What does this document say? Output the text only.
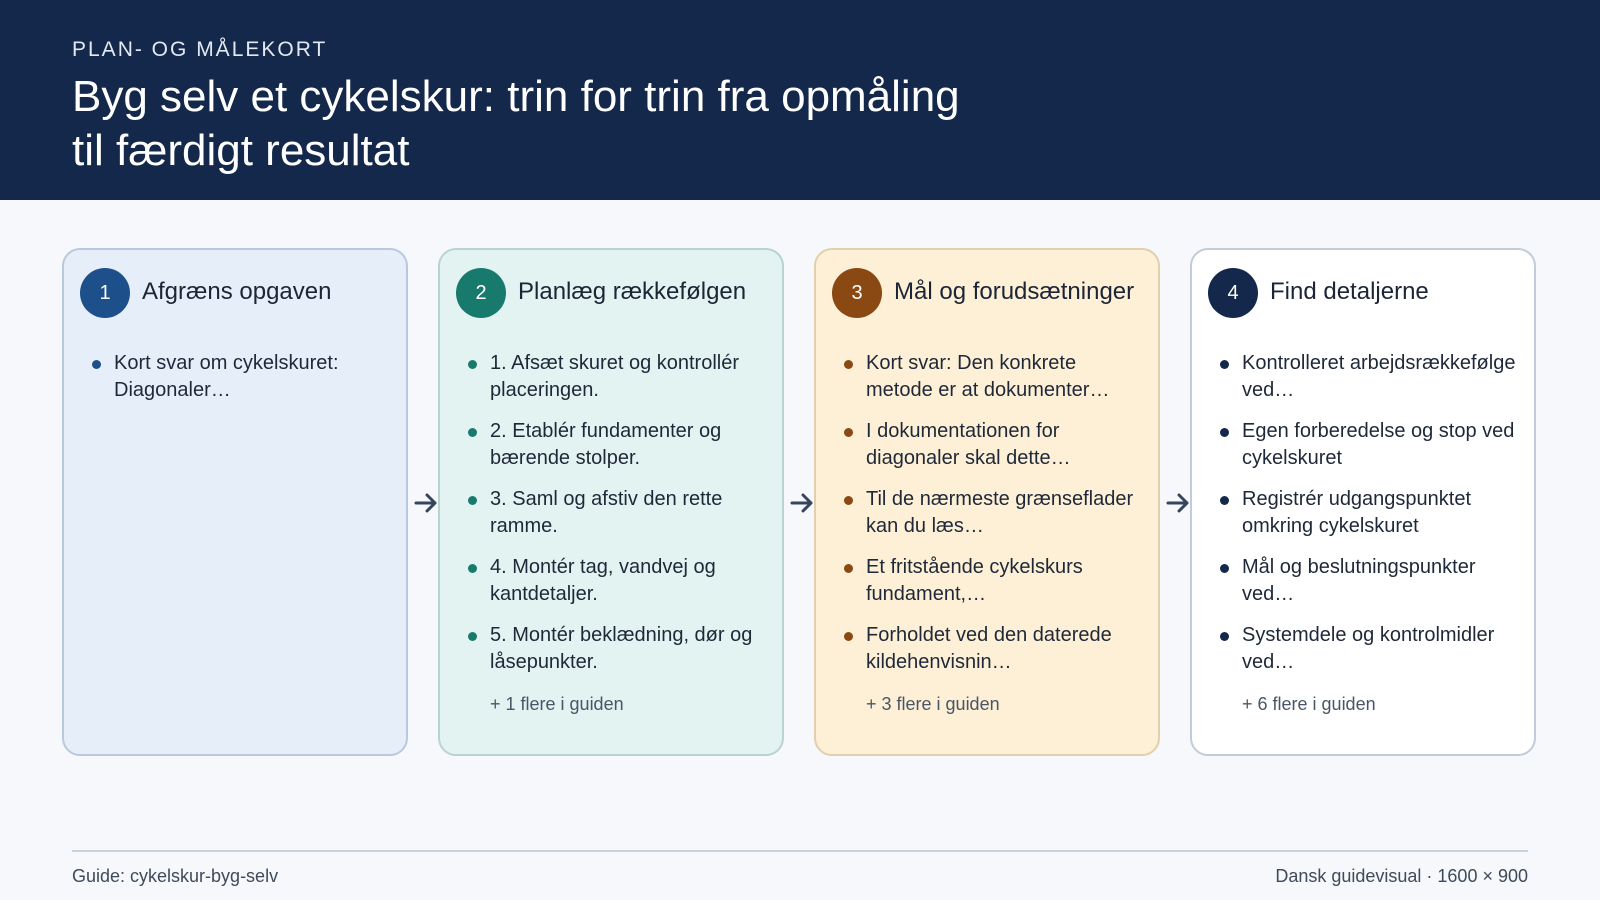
PLAN- OG MÅLEKORT
Byg selv et cykelskur: trin for trin fra opmåling
til færdigt resultat
1	Afgræns opgaven
Kort svar om cykelskuret: Diagonaler…
2	Planlæg rækkefølgen
1. Afsæt skuret og kontrollér placeringen.
2. Etablér fundamenter og bærende stolper.
3. Saml og afstiv den rette ramme.
4. Montér tag, vandvej og kantdetaljer.
5. Montér beklædning, dør og låsepunkter.
+ 1 flere i guiden
3	Mål og forudsætninger
Kort svar: Den konkrete metode er at dokumenter…
I dokumentationen for diagonaler skal dette…
Til de nærmeste grænseflader kan du læs…
Et fritstående cykelskurs fundament,…
Forholdet ved den daterede kildehenvisnin…
+ 3 flere i guiden
4	Find detaljerne
Kontrolleret arbejdsrækkefølge ved…
Egen forberedelse og stop ved cykelskuret
Registrér udgangspunktet omkring cykelskuret
Mål og beslutningspunkter ved…
Systemdele og kontrolmidler ved…
+ 6 flere i guiden
Guide: cykelskur-byg-selv	Dansk guidevisual · 1600 × 900
